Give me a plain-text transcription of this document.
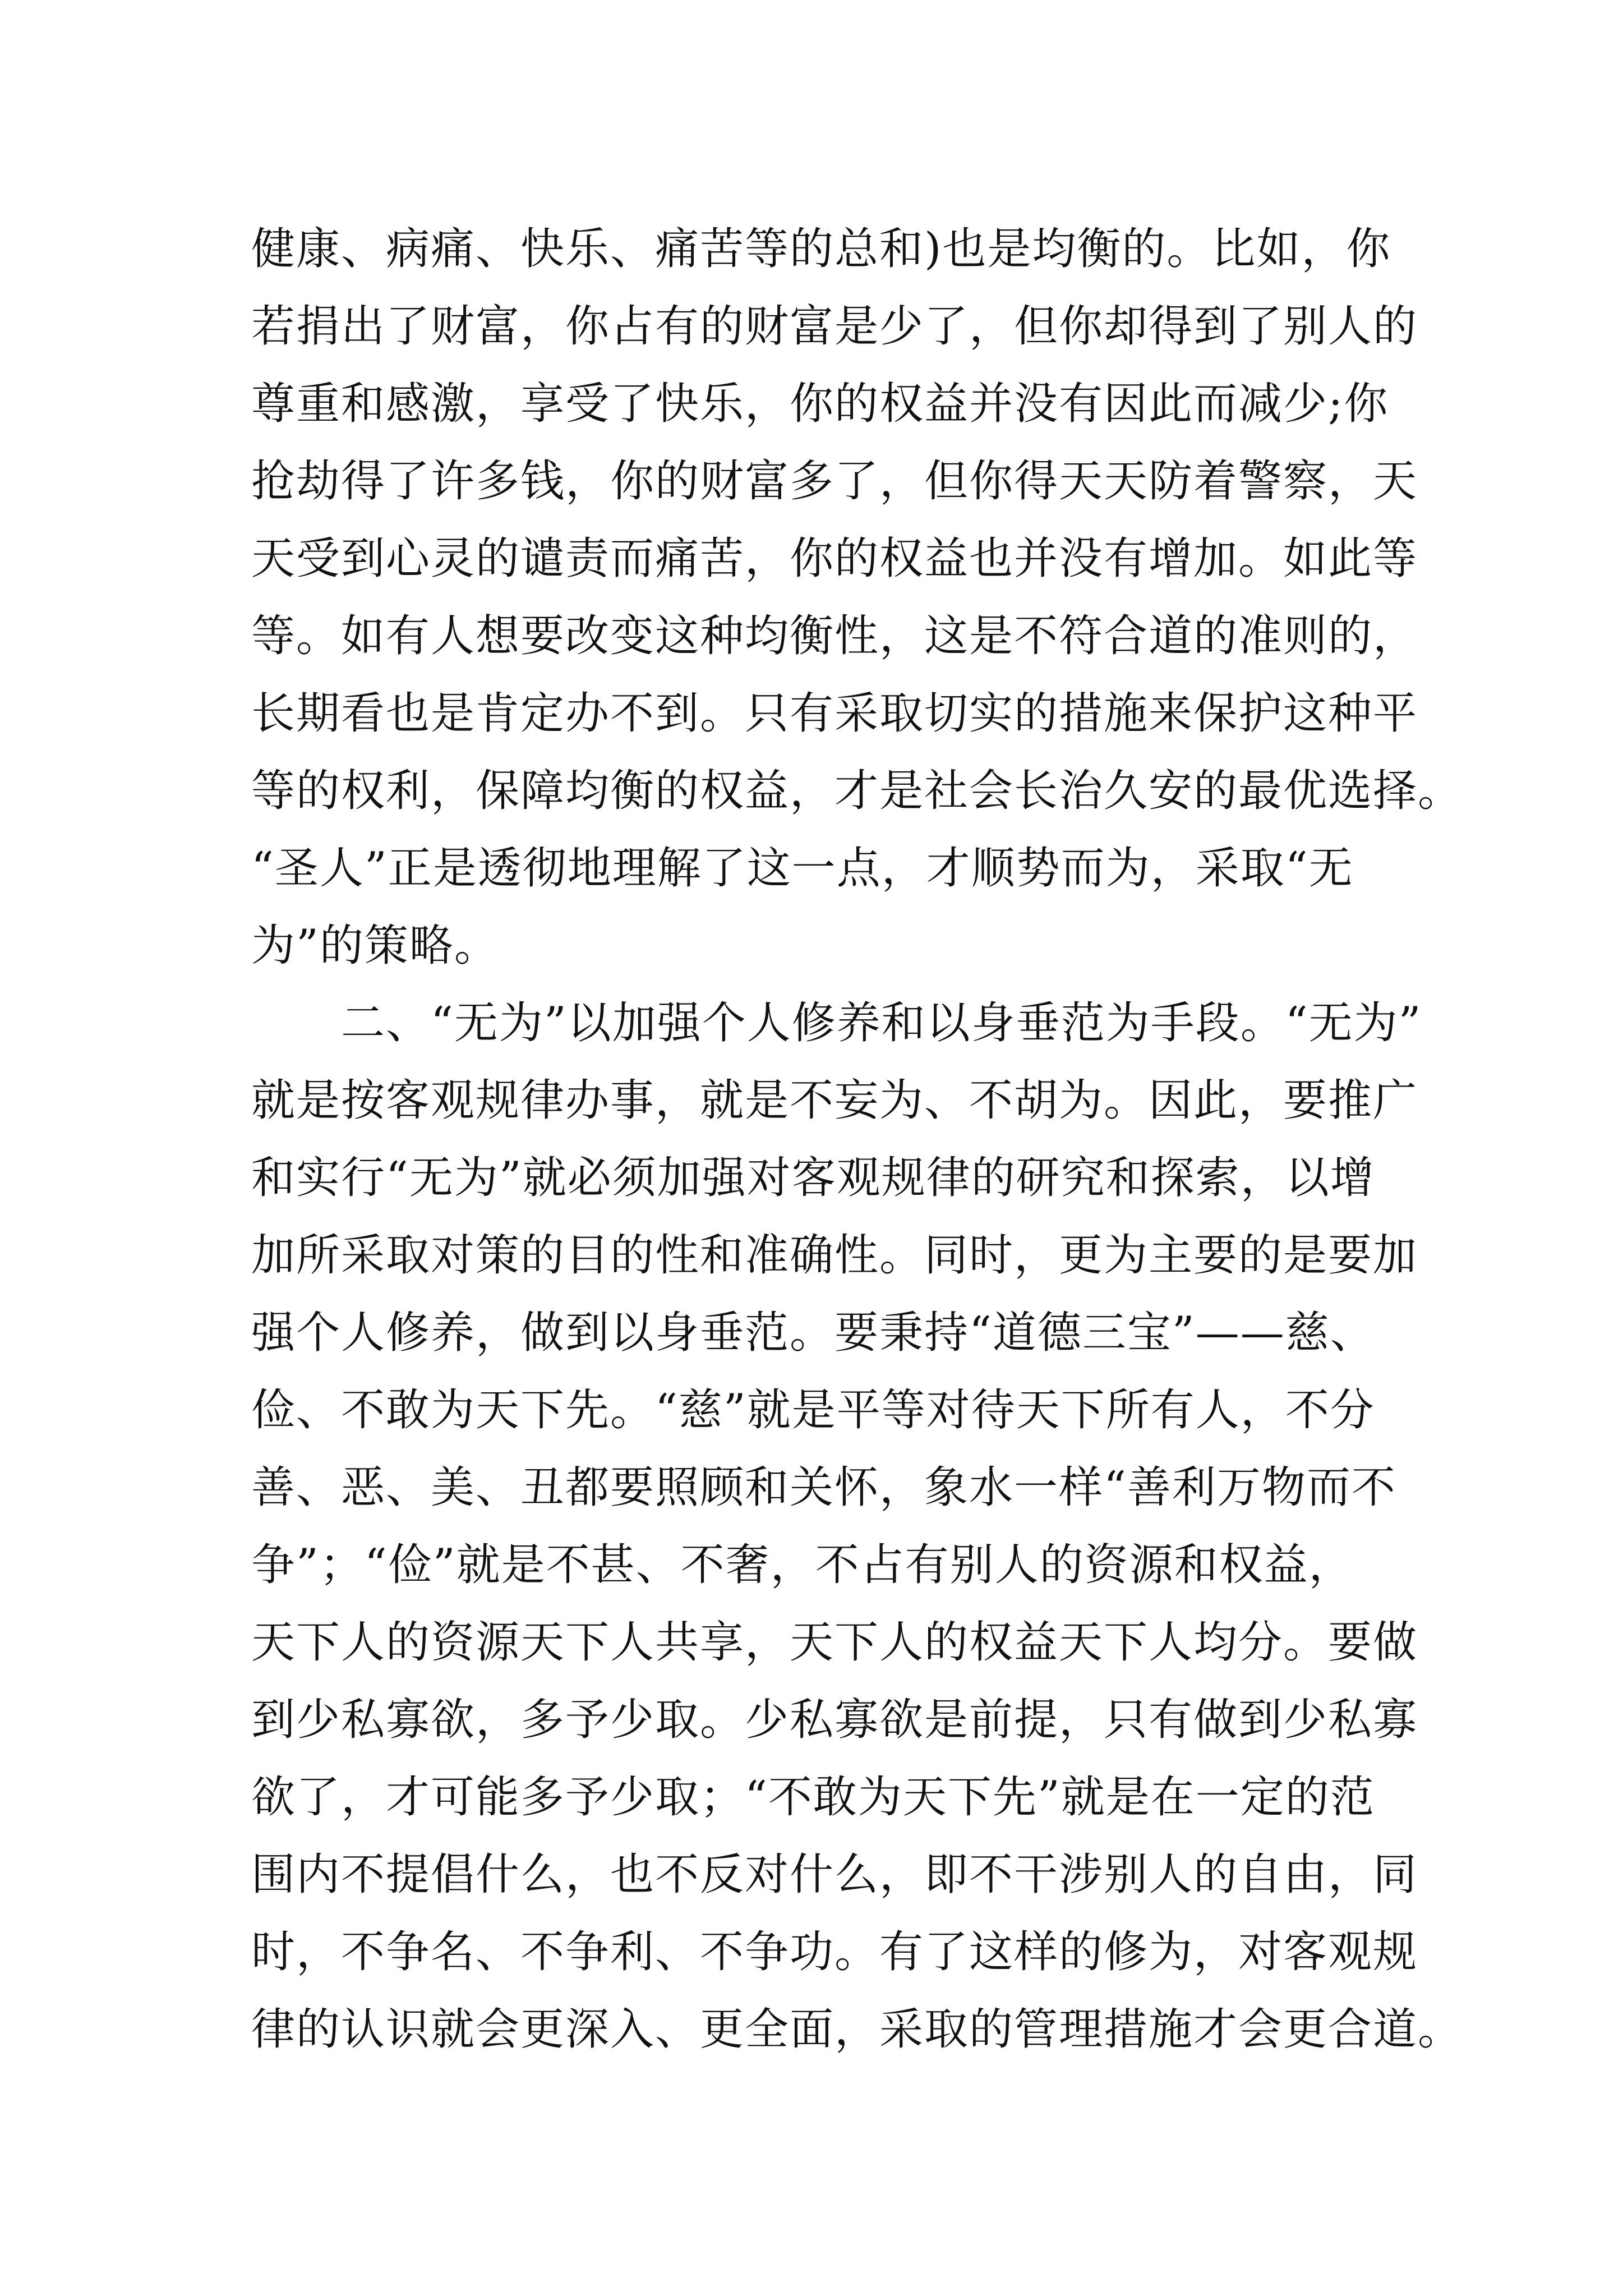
健康、病痛、快乐、痛苦等的总和)也是均衡的。比如，你
若捐出了财富，你占有的财富是少了，但你却得到了别人的
尊重和感激，享受了快乐，你的权益并没有因此而减少;你
抢劫得了许多钱，你的财富多了，但你得天天防着警察，天
天受到心灵的谴责而痛苦，你的权益也并没有增加。如此等
等。如有人想要改变这种均衡性，这是不符合道的准则的，
长期看也是肯定办不到。只有采取切实的措施来保护这种平
等的权利，保障均衡的权益，才是社会长治久安的最优选择。
“圣人”正是透彻地理解了这一点，才顺势而为，采取“无
为”的策略。
二、“无为”以加强个人修养和以身垂范为手段。“无为”
就是按客观规律办事，就是不妄为、不胡为。因此，要推广
和实行“无为”就必须加强对客观规律的研究和探索，以增
加所采取对策的目的性和准确性。同时，更为主要的是要加
强个人修养，做到以身垂范。要秉持“道德三宝”——慈、
俭、不敢为天下先。“慈”就是平等对待天下所有人，不分
善、恶、美、丑都要照顾和关怀，象水一样“善利万物而不
争”；“俭”就是不甚、不奢，不占有别人的资源和权益，
天下人的资源天下人共享，天下人的权益天下人均分。要做
到少私寡欲，多予少取。少私寡欲是前提，只有做到少私寡
欲了，才可能多予少取；“不敢为天下先”就是在一定的范
围内不提倡什么，也不反对什么，即不干涉别人的自由，同
时，不争名、不争利、不争功。有了这样的修为，对客观规
律的认识就会更深入、更全面，采取的管理措施才会更合道。
